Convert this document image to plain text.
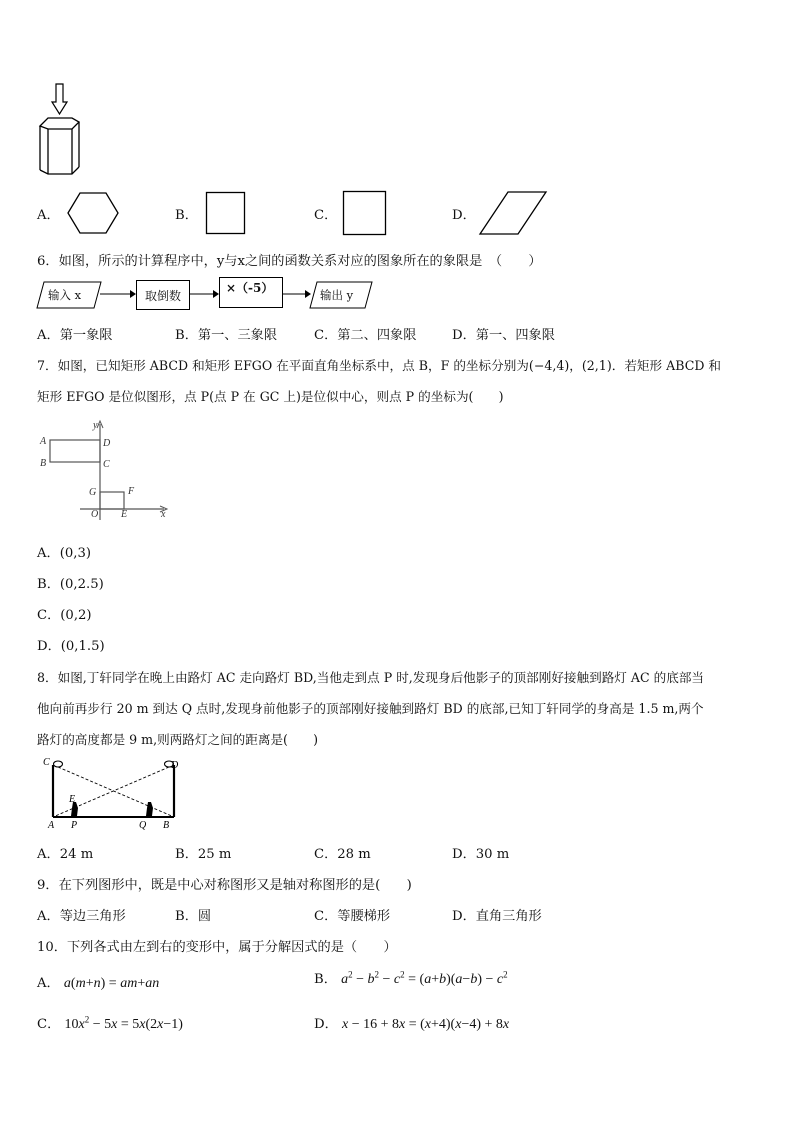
A．	B．	C．	D．
6．如图，所示的计算程序中，y与x之间的函数关系对应的图象所在的象限是　（　　）
输入 x	取倒数
×（-5）	输出 y
A．第一象限	B．第一、三象限	C．第二、四象限	D．第一、四象限
7．如图，已知矩形 ABCD 和矩形 EFGO 在平面直角坐标系中，点 B，F 的坐标分别为(−4,4)，(2,1)．若矩形 ABCD 和
矩形 EFGO 是位似图形，点 P(点 P 在 GC 上)是位似中心，则点 P 的坐标为(　　)
A
B
D
C
G	F
O E	x
y
A．(0,3)
B．(0,2.5)
C．(0,2)
D．(0,1.5)
8．如图,丁轩同学在晚上由路灯 AC 走向路灯 BD,当他走到点 P 时,发现身后他影子的顶部刚好接触到路灯 AC 的底部当
他向前再步行 20 m 到达 Q 点时,发现身前他影子的顶部刚好接触到路灯 BD 的底部,已知丁轩同学的身高是 1.5 m,两个
路灯的高度都是 9 m,则两路灯之间的距离是(　　)
C	D
E
A P	Q B
A．24 m	B．25 m	C．28 m	D．30 m
9．在下列图形中，既是中心对称图形又是轴对称图形的是(　　)
A．等边三角形	B．圆	C．等腰梯形	D．直角三角形
10．下列各式由左到右的变形中，属于分解因式的是（　　）
A． a(m+n) = am+an	B． $a^2 - b^2 - c^2 = (a+b)(a-b) - c^2$
C． $10x^2 - 5x = 5x(2x-1)$	D． x − 16 + 8x = (x+4)(x−4) + 8x
